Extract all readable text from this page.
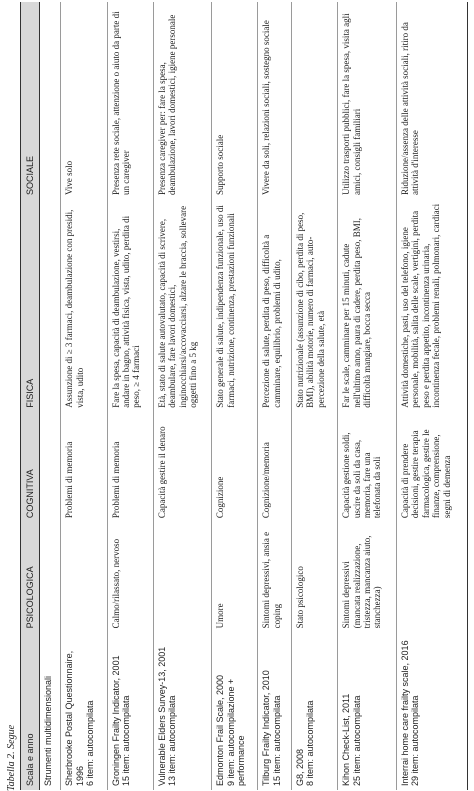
Tabella 2. Segue Scala e anno	PSICOLOGICA	COGNITIVA	FISICA	SOCIALE
Strumenti multidimensionali				

Sherbrooke Postal Questionnaire, 1996 6 item: autocompilata		Problemi di memoria	Assunzione di ≥ 3 farmaci, deambulazione con presidi, vista, udito	Vive solo

Groningen Frailty Indicator, 2001 15 item: autocompilata	Calmo/rilassato, nervoso	Problemi di memoria	Fare la spesa, capacità di deambulazione, vestirsi, andare in bagno, attività fisica, vista, udito, perdita di peso, ≥ 4 farmaci	Presenza rete sociale, attenzione o aiuto da parte di un caregiver

Vulnerable Elders Survey-13, 2001 13 item: autocompilata		Capacità gestire il denaro	Età, stato di salute autovalutato, capacità di scrivere, deambulare, fare lavori domestici, inginocchiarsi/accovacciarsi, alzare le braccia, sollevare oggetti fino a 5 kg	Presenza caregiver per: fare la spesa, deambulazione, lavori domestici, igiene personale

Edmonton Frail Scale, 2000 9 item: autocompilazione + performance	Umore	Cognizione	Stato generale di salute, indipendenza funzionale, uso di farmaci, nutrizione, continenza, prestazioni funzionali	Supporto sociale

Tilburg Frailty Indicator, 2010 15 item: autocompilata	Sintomi depressivi, ansia e coping	Cognizione/memoria	Percezione di salute, perdita di peso, difficoltà a camminare, equilibrio, problemi di udito,	Vivere da soli, relazioni sociali, sostegno sociale

G8, 2008 8 item: autocompilata	Stato psicologico		Stato nutrizionale (assunzione di cibo, perdita di peso, BMI), abilità motorie, numero di farmaci, auto-percezione della salute, età	

Kihon Check-List, 2011 25 item: autocompilata	Sintomi depressivi (mancata realizzazione, tristezza, mancanza aiuto, stanchezza)	Capacità gestione soldi, uscire da soli da casa, memoria, fare una telefonata da soli	Far le scale, camminare per 15 minuti, cadute nell'ultimo anno, paura di cadere, perdita peso, BMI, difficoltà mangiare, bocca secca	Utilizzo trasporti pubblici, fare la spesa, visita agli amici, consigli familiari

Interrai home care frailty scale, 2016 29 item: autocompilata		Capacità di prendere decisioni, gestire terapia farmacologica, gestire le finanze, comprensione, segni di demenza	Attività domestiche, pasti, uso del telefono, igiene personale, mobilità, salita delle scale, vertigini, perdita peso e perdita appetito, incontinenza urinaria, incontinenza fecale, problemi renali, polmonari, cardiaci	Riduzione/assenza delle attività sociali, ritiro da attività d'interesse
